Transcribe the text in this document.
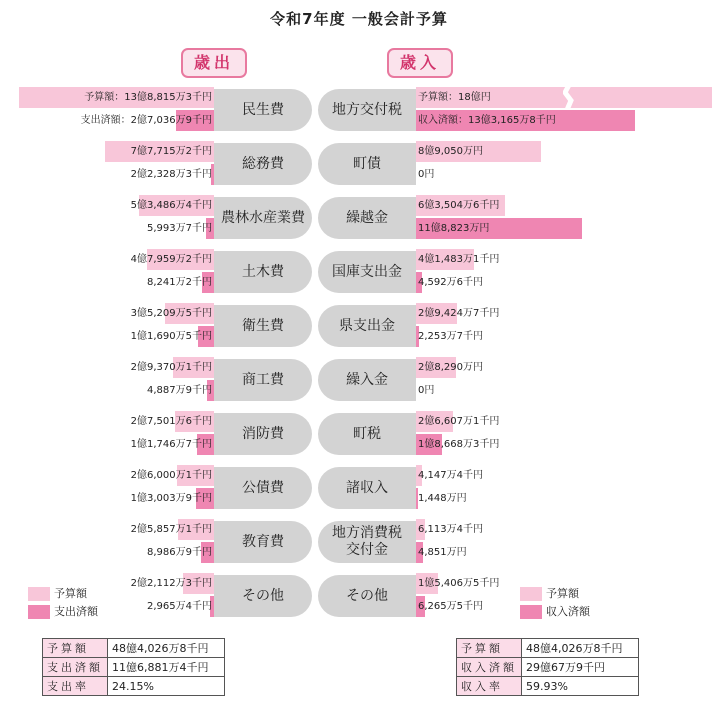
令和7年度 一般会計予算
歳出	歳入
予算額：13億8,815万3千円
支出済額：2億7,036万9千円
民生費
7億7,715万2千円
2億2,328万3千円
総務費
5億3,486万4千円
5,993万7千円
農林水産業費
4億7,959万2千円
8,241万2千円
土木費
3億5,209万5千円
1億1,690万5千円
衛生費
2億9,370万1千円
4,887万9千円
商工費
2億7,501万6千円
1億1,746万7千円
消防費
2億6,000万1千円
1億3,003万9千円
公債費
2億5,857万1千円
8,986万9千円
教育費
2億2,112万3千円
2,965万4千円
その他
予算額：18億円
収入済額：13億3,165万8千円
地方交付税
8億9,050万円
0円
町債
6億3,504万6千円
11億8,823万円
繰越金
4億1,483万1千円
4,592万6千円
国庫支出金
2億9,424万7千円
2,253万7千円
県支出金
2億8,290万円
0円
繰入金
2億6,607万1千円
1億8,668万3千円
町税
4,147万4千円
1,448万円
諸収入
6,113万4千円
4,851万円
地方消費税
交付金
1億5,406万5千円
6,265万5千円
その他
予算額
支出済額
予算額
収入済額
予算額	48億4,026万8千円
支出済額	11億6,881万4千円
支出率	24.15%
予算額	48億4,026万8千円
収入済額	29億67万9千円
収入率	59.93%
